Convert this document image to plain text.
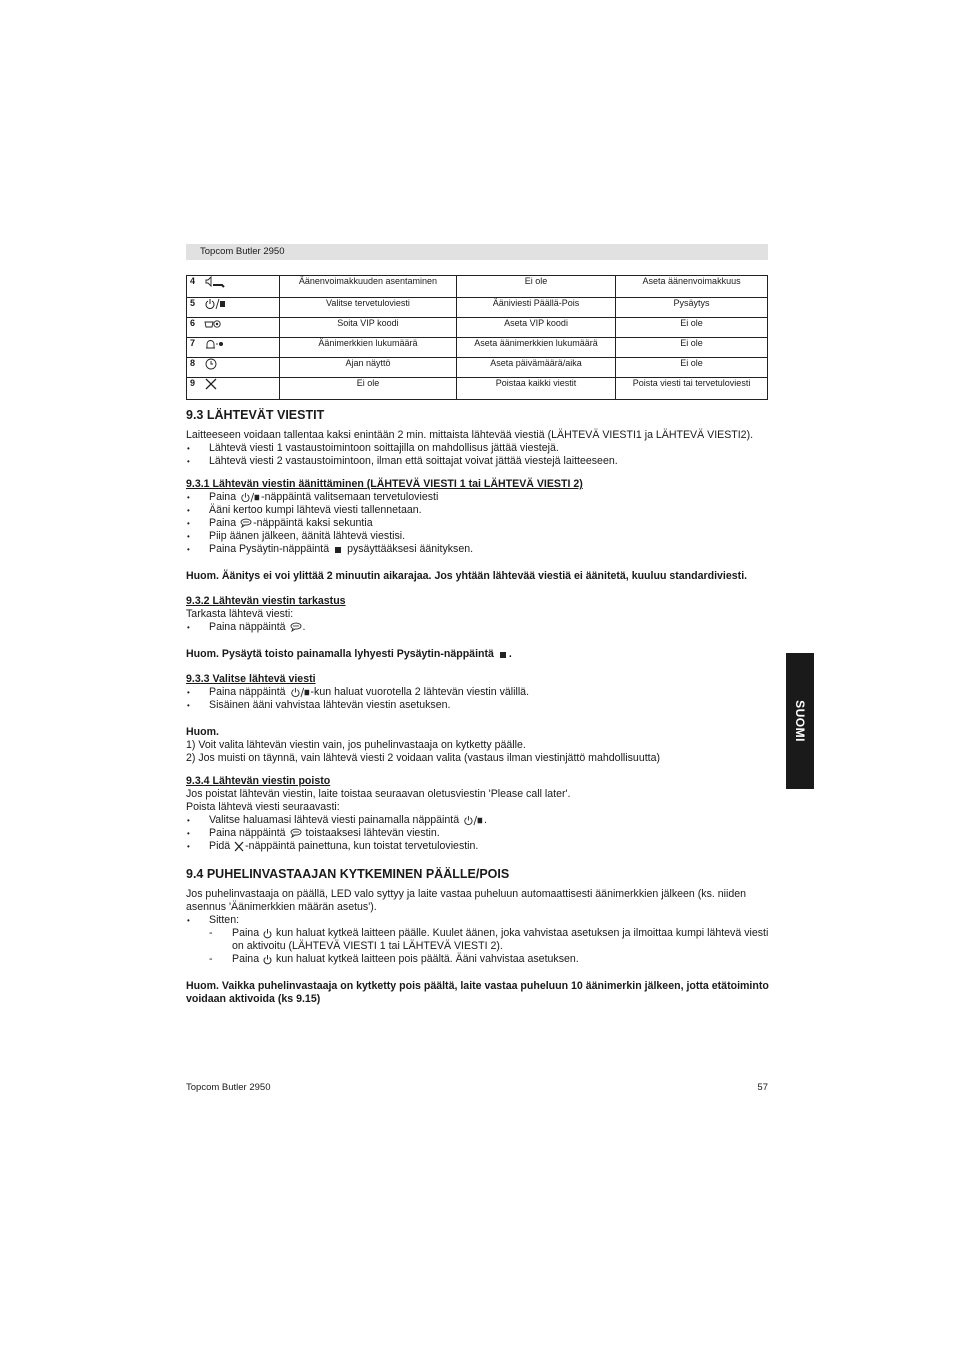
Topcom Butler 2950
4	Äänenvoimakkuuden asentaminen	Ei ole	Aseta äänenvoimakkuus
5	Valitse tervetuloviesti	Ääniviesti Päällä-Pois	Pysäytys
6	Soita VIP koodi	Aseta VIP koodi	Ei ole
7	Äänimerkkien lukumäärä	Aseta äänimerkkien lukumäärä	Ei ole
8	Ajan näyttö	Aseta päivämäärä/aika	Ei ole
9	Ei ole	Poistaa kaikki viestit	Poista viesti tai tervetuloviesti
9.3 LÄHTEVÄT VIESTIT

Laitteeseen voidaan tallentaa kaksi enintään 2 min. mittaista lähtevää viestiä (LÄHTEVÄ VIESTI1 ja LÄHTEVÄ VIESTI2).

• Lähtevä viesti 1 vastaustoimintoon soittajilla on mahdollisus jättää viestejä.
• Lähtevä viesti 2 vastaustoimintoon, ilman että soittajat voivat jättää viestejä laitteeseen.
9.3.1 Lähtevän viestin äänittäminen (LÄHTEVÄ VIESTI 1 tai LÄHTEVÄ VIESTI 2)
• Paina -näppäintä valitsemaan tervetuloviesti
• Ääni kertoo kumpi lähtevä viesti tallennetaan.
• Paina -näppäintä kaksi sekuntia
• Piip äänen jälkeen, äänitä lähtevä viestisi.
• Paina Pysäytin-näppäintä pysäyttääksesi äänityksen.

Huom. Äänitys ei voi ylittää 2 minuutin aikarajaa. Jos yhtään lähtevää viestiä ei äänitetä, kuuluu standardiviesti.

9.3.2 Lähtevän viestin tarkastus

Tarkasta lähtevä viesti:

• Paina näppäintä .

Huom. Pysäytä toisto painamalla lyhyesti Pysäytin-näppäintä .

9.3.3 Valitse lähtevä viesti
• Paina näppäintä -kun haluat vuorotella 2 lähtevän viestin välillä.
• Sisäinen ääni vahvistaa lähtevän viestin asetuksen.

Huom.

1) Voit valita lähtevän viestin vain, jos puhelinvastaaja on kytketty päälle.

2) Jos muisti on täynnä, vain lähtevä viesti 2 voidaan valita (vastaus ilman viestinjättö mahdollisuutta)

9.3.4 Lähtevän viestin poisto

Jos poistat lähtevän viestin, laite toistaa seuraavan oletusviestin 'Please call later'.

Poista lähtevä viesti seuraavasti:

• Valitse haluamasi lähtevä viesti painamalla näppäintä .
• Paina näppäintä toistaaksesi lähtevän viestin.
• Pidä -näppäintä painettuna, kun toistat tervetuloviestin.
9.4 PUHELINVASTAAJAN KYTKEMINEN PÄÄLLE/POIS

Jos puhelinvastaaja on päällä, LED valo syttyy ja laite vastaa puheluun automaattisesti äänimerkkien jälkeen (ks. niiden asennus 'Äänimerkkien määrän asetus').

• Sitten:
- Paina kun haluat kytkeä laitteen päälle. Kuulet äänen, joka vahvistaa asetuksen ja ilmoittaa kumpi lähtevä viesti on aktivoitu (LÄHTEVÄ VIESTI 1 tai LÄHTEVÄ VIESTI 2).
- Paina kun haluat kytkeä laitteen pois päältä. Ääni vahvistaa asetuksen.

Huom. Vaikka puhelinvastaaja on kytketty pois päältä, laite vastaa puheluun 10 äänimerkin jälkeen, jotta etätoiminto voidaan aktivoida (ks 9.15)

SUOMI
Topcom Butler 2950	57
